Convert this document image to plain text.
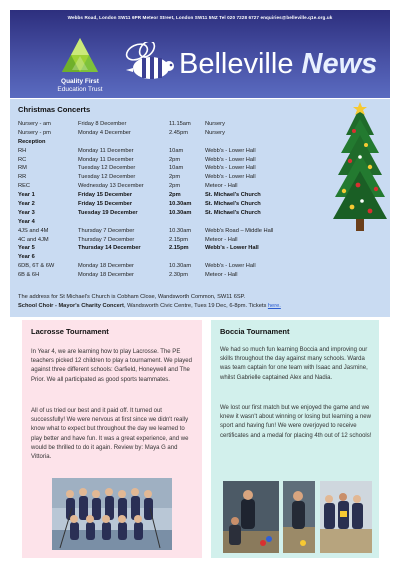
Webbs Road, London SW11 6PR Meteor Street, London SW11 5NZ Tel 020 7228 6727 enquiries@belleville.q1e.org.uk
Quality First
Education Trust
Belleville News
Christmas Concerts
Nursery - am	Friday 8 December	11.15am	Nursery
Nursery - pm	Monday 4 December	2.45pm	Nursery
Reception
RH	Monday 11 December	10am	Webb's - Lower Hall
RC	Monday 11 December	2pm	Webb's - Lower Hall
RM	Tuesday 12 December	10am	Webb's - Lower Hall
RR	Tuesday 12 December	2pm	Webb's - Lower Hall
REC	Wednesday 13 December	2pm	Meteor - Hall
Year 1	Friday 15 December	2pm	St. Michael's Church
Year 2	Friday 15 December	10.30am St. Michael's Church
Year 3	Tuesday 19 December	10.30am St. Michael's Church
Year 4
4JS and 4M	Thursday 7 December	10.30am Webb's Road – Middle Hall
4C and 4JM	Thursday 7 December	2.15pm	Meteor - Hall
Year 5	Thursday 14 December	2.15pm	Webb's - Lower Hall
Year 6
6DB, 6T & 6W	Monday 18 December	10.30am Webb's - Lower Hall
6B & 6H	Monday 18 December	2.30pm	Meteor - Hall
The address for St Michael's Church is Cobham Close, Wandsworth Common, SW11 6SP.
School Choir - Mayor's Charity Concert, Wandsworth Civic Centre, Tues 19 Dec, 6-8pm. Tickets here.
Lacrosse Tournament
In Year 4, we are learning how to play Lacrosse. The PE teachers picked 12 children to play a tournament. We played against three different schools: Garfield, Honeywell and The Prior. We all participated as good sports teammates.
All of us tried our best and it paid off. It turned out successfully! We were nervous at first since we didn't really know what to expect but throughout the day we learned to play better and have fun. It was a great experience, and we would be thrilled to do it again. Review by: Maya G and Vittoria.
Boccia Tournament
We had so much fun learning Boccia and improving our skills throughout the day against many schools. Warda was team captain for one team with Isaac and Jasmine, whilst Gabrielle captained Alex and Nadia.
We lost our first match but we enjoyed the game and we knew it wasn't about winning or losing but learning a new sport and having fun! We were overjoyed to receive certificates and a medal for placing 4th out of 12 schools!
